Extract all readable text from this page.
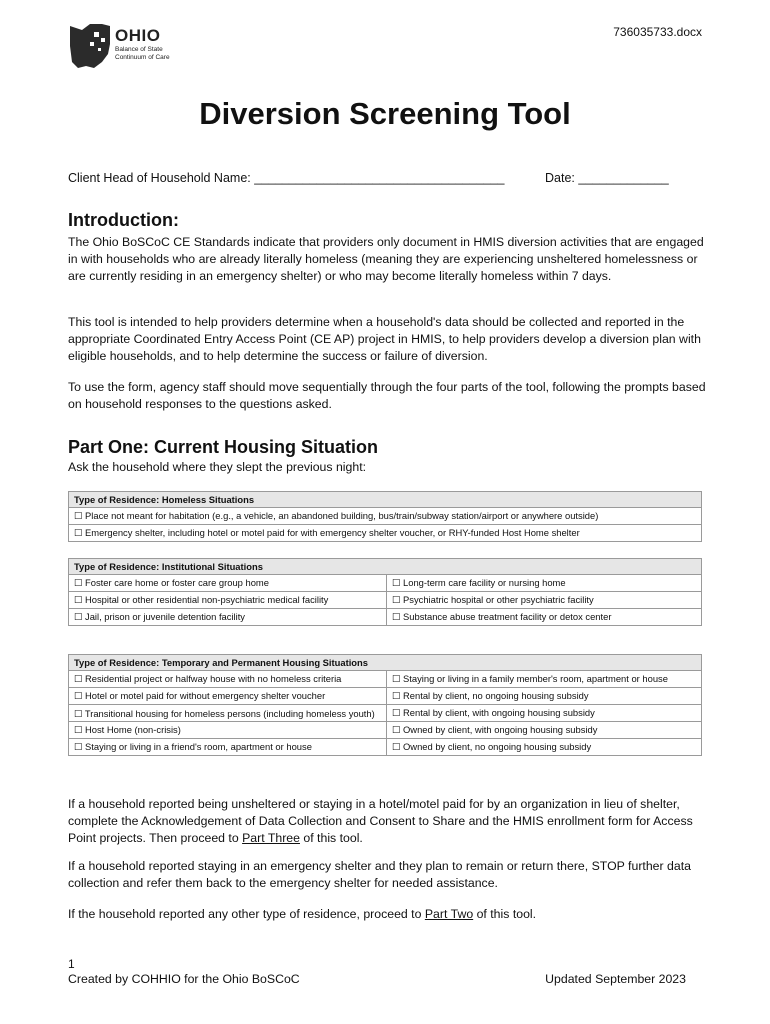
OHIO
Balance of State Continuum of Care
736035733.docx
Diversion Screening Tool
Client Head of Household Name: ____________________________________	Date: _____________
Introduction:

The Ohio BoSCoC CE Standards indicate that providers only document in HMIS diversion activities that are engaged in with households who are already literally homeless (meaning they are experiencing unsheltered homelessness or are currently residing in an emergency shelter) or who may become literally homeless within 7 days.

This tool is intended to help providers determine when a household's data should be collected and reported in the appropriate Coordinated Entry Access Point (CE AP) project in HMIS, to help providers develop a diversion plan with eligible households, and to help determine the success or failure of diversion.

To use the form, agency staff should move sequentially through the four parts of the tool, following the prompts based on household responses to the questions asked.

Part One: Current Housing Situation
Ask the household where they slept the previous night:
Type of Residence: Homeless Situations
☐ Place not meant for habitation (e.g., a vehicle, an abandoned building, bus/train/subway station/airport or anywhere outside)
☐ Emergency shelter, including hotel or motel paid for with emergency shelter voucher, or RHY-funded Host Home shelter
Type of Residence: Institutional Situations	
☐ Foster care home or foster care group home	☐ Long-term care facility or nursing home
☐ Hospital or other residential non-psychiatric medical facility	☐ Psychiatric hospital or other psychiatric facility
☐ Jail, prison or juvenile detention facility	☐ Substance abuse treatment facility or detox center
Type of Residence: Temporary and Permanent Housing Situations	
☐ Residential project or halfway house with no homeless criteria	☐ Staying or living in a family member's room, apartment or house
☐ Hotel or motel paid for without emergency shelter voucher	☐ Rental by client, no ongoing housing subsidy
☐ Transitional housing for homeless persons (including homeless youth)	☐ Rental by client, with ongoing housing subsidy
☐ Host Home (non-crisis)	☐ Owned by client, with ongoing housing subsidy
☐ Staying or living in a friend's room, apartment or house	☐ Owned by client, no ongoing housing subsidy

If a household reported being unsheltered or staying in a hotel/motel paid for by an organization in lieu of shelter, complete the Acknowledgement of Data Collection and Consent to Share and the HMIS enrollment form for Access Point projects. Then proceed to Part Three of this tool.

If a household reported staying in an emergency shelter and they plan to remain or return there, STOP further data collection and refer them back to the emergency shelter for needed assistance.

If the household reported any other type of residence, proceed to Part Two of this tool.

1
Created by COHHIO for the Ohio BoSCoC	Updated September 2023
